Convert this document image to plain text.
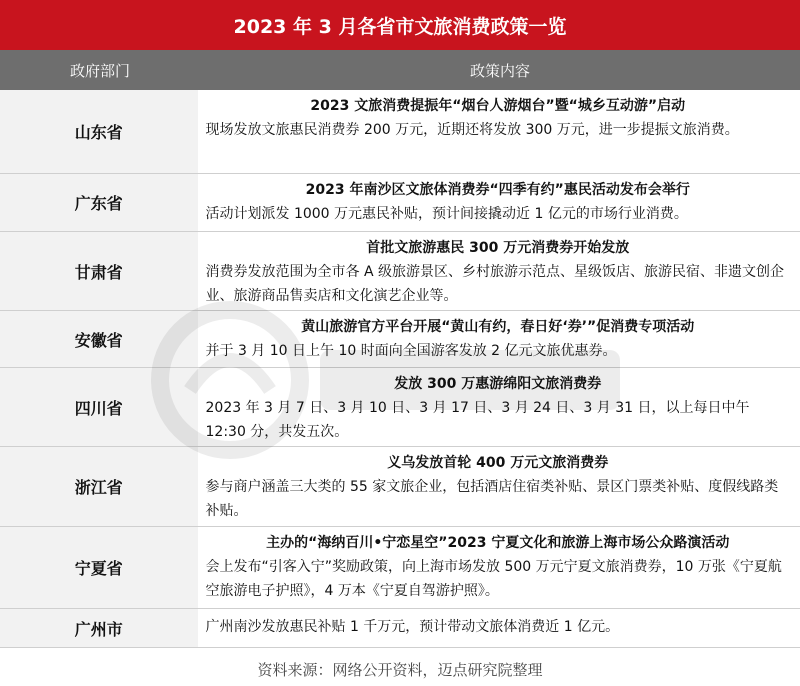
2023 年 3 月各省市文旅消费政策一览
政府部门	政策内容
山东省
2023 文旅消费提振年“烟台人游烟台”暨“城乡互动游”启动
现场发放文旅惠民消费券 200 万元，近期还将发放 300 万元，进一步提振文旅消费。
广东省
2023 年南沙区文旅体消费券“四季有约”惠民活动发布会举行
活动计划派发 1000 万元惠民补贴，预计间接撬动近 1 亿元的市场行业消费。
甘肃省
首批文旅游惠民 300 万元消费券开始发放
消费券发放范围为全市各 A 级旅游景区、乡村旅游示范点、星级饭店、旅游民宿、非遗文创企业、旅游商品售卖店和文化演艺企业等。
安徽省
黄山旅游官方平台开展“黄山有约，春日好‘券’”促消费专项活动
并于 3 月 10 日上午 10 时面向全国游客发放 2 亿元文旅优惠券。
四川省
发放 300 万惠游绵阳文旅消费券
2023 年 3 月 7 日、3 月 10 日、3 月 17 日、3 月 24 日、3 月 31 日，以上每日中午 12:30 分，共发五次。
浙江省
义乌发放首轮 400 万元文旅消费券
参与商户涵盖三大类的 55 家文旅企业，包括酒店住宿类补贴、景区门票类补贴、度假线路类补贴。
宁夏省
主办的“海纳百川•宁恋星空”2023 宁夏文化和旅游上海市场公众路演活动
会上发布“引客入宁”奖励政策，向上海市场发放 500 万元宁夏文旅消费券，10 万张《宁夏航空旅游电子护照》，4 万本《宁夏自驾游护照》。
广州市	广州南沙发放惠民补贴 1 千万元，预计带动文旅体消费近 1 亿元。
资料来源：网络公开资料，迈点研究院整理
